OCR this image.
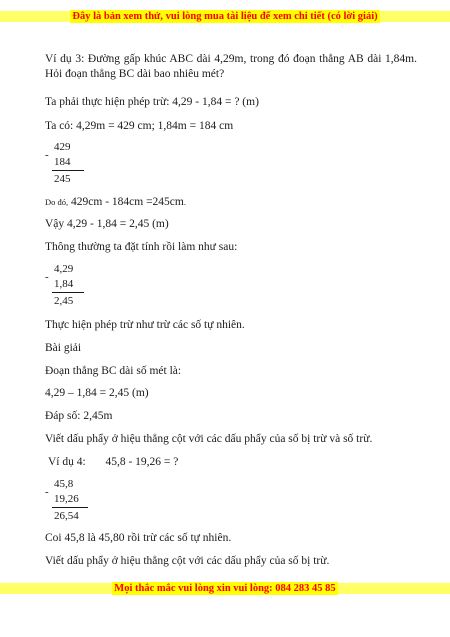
Đây là bản xem thử, vui lòng mua tài liệu để xem chi tiết (có lời giải)
Ví dụ 3: Đường gấp khúc ABC dài 4,29m, trong đó đoạn thẳng AB dài 1,84m. Hỏi đoạn thẳng BC dài bao nhiêu mét?
Ta phải thực hiện phép trừ: 4,29 - 1,84 = ? (m)
Ta có: 4,29m = 429 cm; 1,84m = 184 cm
-
429
184
245
Do đó, 429cm - 184cm =245cm.
Vậy 4,29 - 1,84 = 2,45 (m)
Thông thường ta đặt tính rồi làm như sau:
-
4,29
1,84
2,45
Thực hiện phép trừ như trừ các số tự nhiên.
Bài giải
Đoạn thẳng BC dài số mét là:
4,29 – 1,84 = 2,45 (m)
Đáp số: 2,45m
Viết dấu phẩy ở hiệu thẳng cột với các dấu phẩy của số bị trừ và số trừ.
Ví dụ 4: 45,8 - 19,26 = ?
-
45,8
19,26
26,54
Coi 45,8 là 45,80 rồi trừ các số tự nhiên.
Viết dấu phẩy ở hiệu thẳng cột với các dấu phẩy của số bị trừ.
Mọi thắc mắc vui lòng xin vui lòng: 084 283 45 85
